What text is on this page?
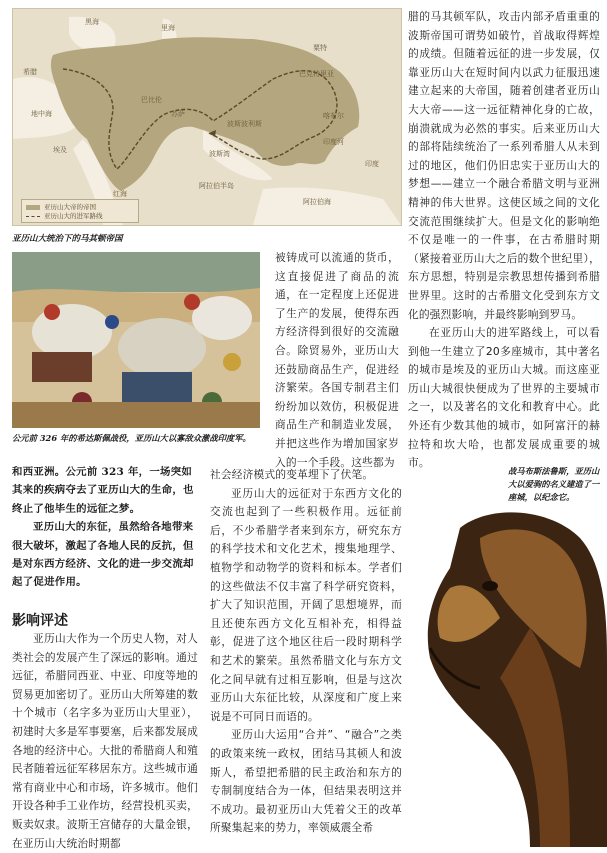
黑海
里海
希腊
地中海
埃及
巴比伦
苏萨
波斯湾
波斯波利斯
阿拉伯半岛
粟特
巴克特里亚
喀布尔
印度河
印度
阿拉伯海
红海
亚历山大帝的帝国
亚历山大的进军路线
亚历山大统治下的马其顿帝国
公元前 326 年的希达斯佩战役，亚历山大以寡敌众激战印度军。

和西亚洲。公元前 323 年，一场突如其来的疾病夺去了亚历山大的生命，也终止了他毕生的远征之梦。

亚历山大的东征，虽然给各地带来很大破坏，激起了各地人民的反抗，但是对东西方经济、文化的进一步交流却起了促进作用。

影响评述
亚历山大作为一个历史人物，对人类社会的发展产生了深远的影响。通过远征，希腊同西亚、中亚、印度等地的贸易更加密切了。亚历山大所筹建的数十个城市（名字多为亚历山大里亚），初建时大多是军事要塞，后来都发展成各地的经济中心。大批的希腊商人和殖民者随着远征军移居东方。这些城市通常有商业中心和市场，许多城市。他们开设各种手工业作坊，经营投机买卖，贩卖奴隶。波斯王宫储存的大量金银，在亚历山大统治时期都
被铸成可以流通的货币，这直接促进了商品的流通，在一定程度上还促进了生产的发展，使得东西方经济得到很好的交流融合。除贸易外，亚历山大还鼓励商品生产，促进经济繁荣。各国专制君主们纷纷加以效仿，积极促进商品生产和制造业发展，并把这些作为增加国家岁入的一个手段。这些都为

社会经济模式的变革埋下了伏笔。

亚历山大的远征对于东西方文化的交流也起到了一些积极作用。远征前后，不少希腊学者来到东方，研究东方的科学技术和文化艺术，搜集地理学、植物学和动物学的资料和标本。学者们的这些做法不仅丰富了科学研究资料，扩大了知识范围，开阔了思想境界，而且还使东西方文化互相补充，相得益彰，促进了这个地区往后一段时期科学和艺术的繁荣。虽然希腊文化与东方文化之间早就有过相互影响，但是与这次亚历山大东征比较，从深度和广度上来说是不可同日而语的。

亚历山大运用“合并”、“融合”之类的政策来统一政权，团结马其顿人和波斯人，希望把希腊的民主政治和东方的专制制度结合为一体，但结果表明这并不成功。最初亚历山大凭着父王的改革所聚集起来的势力，率领威震全希

腊的马其顿军队，攻击内部矛盾重重的波斯帝国可谓势如破竹，首战取得辉煌的成绩。但随着远征的进一步发展，仅靠亚历山大在短时间内以武力征服迅速建立起来的大帝国，随着创建者亚历山大大帝——这一远征精神化身的亡故，崩溃就成为必然的事实。后来亚历山大的部将陆续统治了一系列希腊人从未到过的地区，他们仍旧忠实于亚历山大的梦想——建立一个融合希腊文明与亚洲精神的伟大世界。这使区域之间的文化交流范围继续扩大。但是文化的影响绝不仅是唯一的一件事，在古希腊时期（紧接着亚历山大之后的数个世纪里），东方思想，特别是宗教思想传播到希腊世界里。这时的古希腊文化受到东方文化的强烈影响，并最终影响到罗马。

在亚历山大的进军路线上，可以看到他一生建立了20多座城市，其中著名的城市是埃及的亚历山大城。而这座亚历山大城很快便成为了世界的主要城市之一，以及著名的文化和教育中心。此外还有少数其他的城市，如阿富汗的赫拉特和坎大哈，也都发展成重要的城市。

战马布斯法鲁斯，亚历山大以爱驹的名义建造了一座城，以纪念它。
